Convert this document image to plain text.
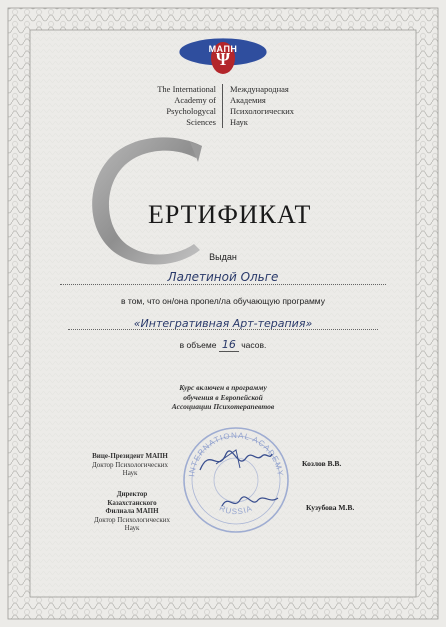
Ψ
МАПН
The International
Academy of
Psychologycal
Sciences
Международная
Академия
Психологических
Наук
ЕРТИФИКАТ
Выдан
Лалетиной Ольге
в том, что он/она пропел/ла обучающую программу
«Интегративная Арт-терапия»
в объеме 16 часов.
Курс включен в программу
обучения в Европейской
Ассоциации Психотерапевтов
INTERNATIONAL ACADEMY
RUSSIA
Вице-Президент МАПН
Доктор Психологических
Наук
Козлов В.В.
Директор
Казахстанского
Филиала МАПН
Доктор Психологических
Наук
Кузубова М.В.
